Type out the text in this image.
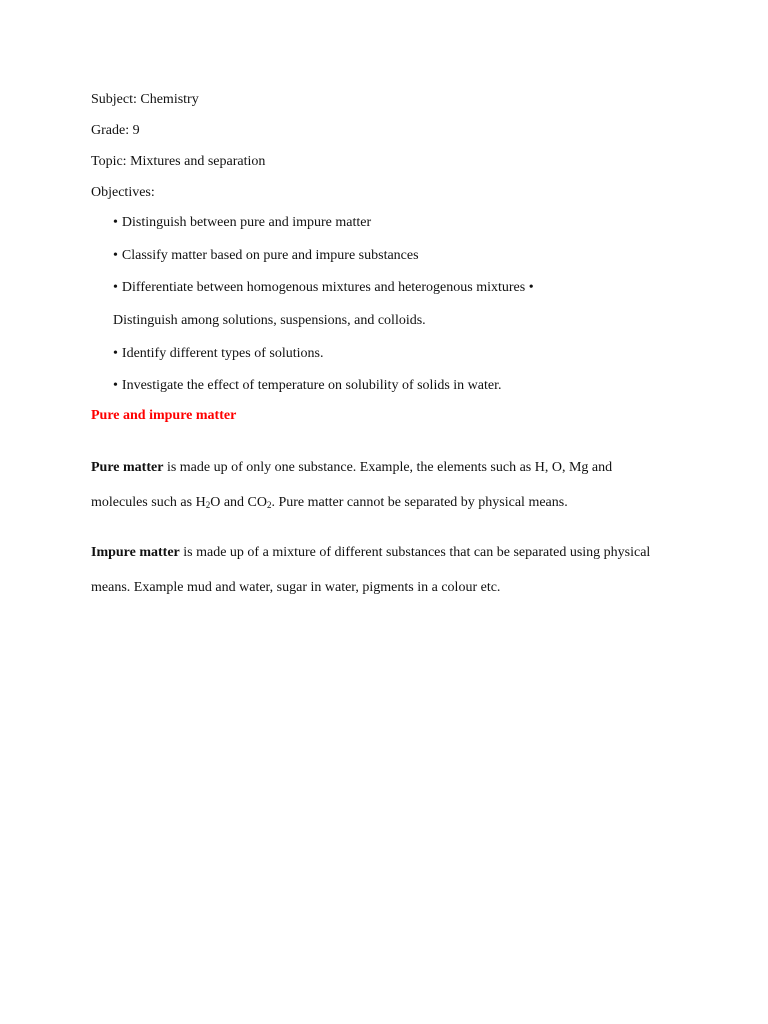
Subject: Chemistry

Grade: 9

Topic: Mixtures and separation

Objectives:

• Distinguish between pure and impure matter
• Classify matter based on pure and impure substances
• Differentiate between homogenous mixtures and heterogenous mixtures •
Distinguish among solutions, suspensions, and colloids.
• Identify different types of solutions.
• Investigate the effect of temperature on solubility of solids in water.

Pure and impure matter

Pure matter is made up of only one substance. Example, the elements such as H, O, Mg and molecules such as $H_2O$ and $CO_2$. Pure matter cannot be separated by physical means.

Impure matter is made up of a mixture of different substances that can be separated using physical means. Example mud and water, sugar in water, pigments in a colour etc.
